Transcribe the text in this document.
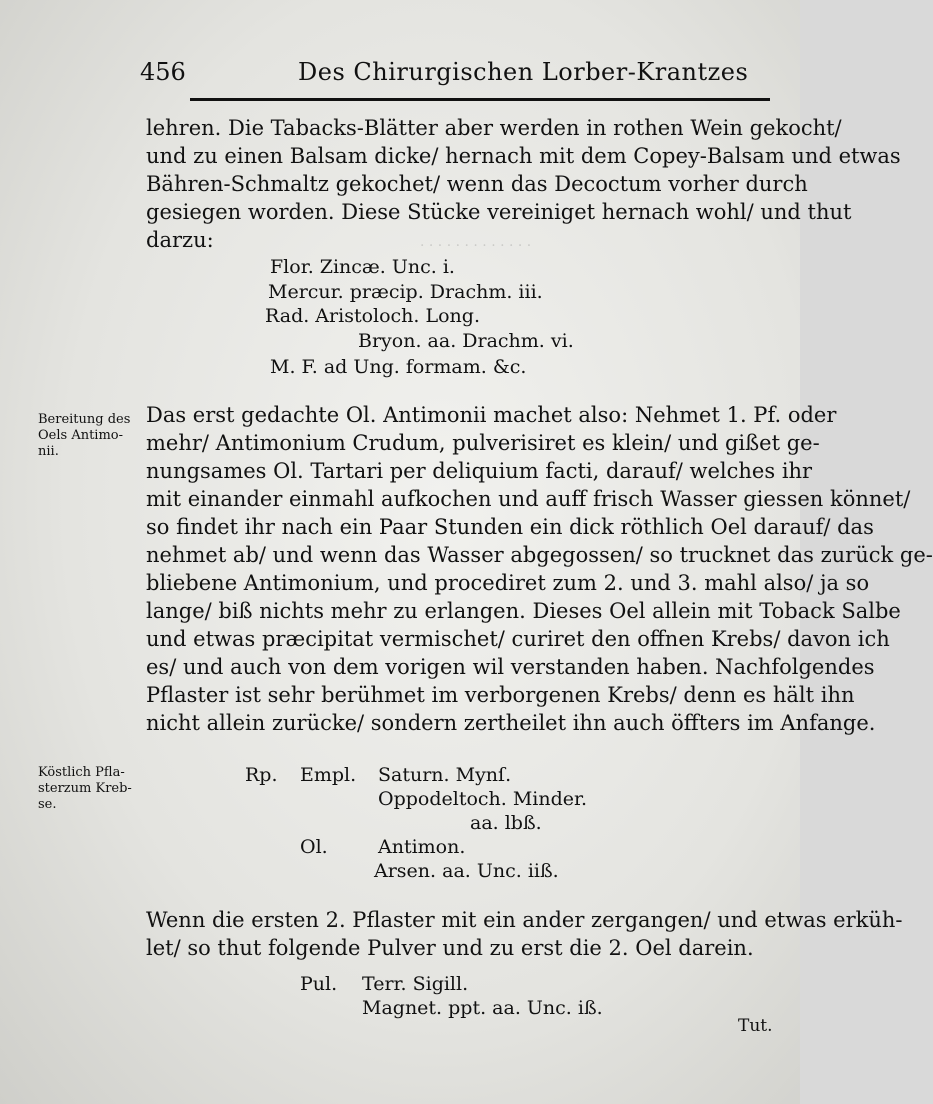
· · · · · · · · · · · · ·
456	Des Chirurgischen Lorber-Krantzes
lehren. Die Tabacks-Blätter aber werden in rothen Wein gekocht/
und zu einen Balsam dicke/ hernach mit dem Copey-Balsam und etwas
Bähren-Schmaltz gekochet/ wenn das Decoctum vorher durch
gesiegen worden. Diese Stücke vereiniget hernach wohl/ und thut
darzu:
Flor. Zincæ. Unc. i.
Mercur. præcip. Drachm. iii.
Rad. Aristoloch. Long.
Bryon. aa. Drachm. vi.
M. F. ad Ung. formam. &c.
Bereitung des
Oels Antimo-
nii.
Das erst gedachte Ol. Antimonii machet also: Nehmet 1. Pf. oder
mehr/ Antimonium Crudum, pulverisiret es klein/ und gißet ge-
nungsames Ol. Tartari per deliquium facti, darauf/ welches ihr
mit einander einmahl aufkochen und auff frisch Wasser giessen könnet/
so findet ihr nach ein Paar Stunden ein dick röthlich Oel darauf/ das
nehmet ab/ und wenn das Wasser abgegossen/ so trucknet das zurück ge-
bliebene Antimonium, und procediret zum 2. und 3. mahl also/ ja so
lange/ biß nichts mehr zu erlangen. Dieses Oel allein mit Toback Salbe
und etwas præcipitat vermischet/ curiret den offnen Krebs/ davon ich
es/ und auch von dem vorigen wil verstanden haben. Nachfolgendes
Pflaster ist sehr berühmet im verborgenen Krebs/ denn es hält ihn
nicht allein zurücke/ sondern zertheilet ihn auch öffters im Anfange.
Köstlich Pfla-
sterzum Kreb-
se.
Rp. Empl. Saturn. Mynſ.
Oppodeltoch. Minder.
aa. lbß.
Ol.	Antimon.
Arsen. aa. Unc. iiß.
Wenn die ersten 2. Pflaster mit ein ander zergangen/ und etwas erküh-
let/ so thut folgende Pulver und zu erst die 2. Oel darein.
Pul. Terr. Sigill.
Magnet. ppt. aa. Unc. iß.
Tut.
